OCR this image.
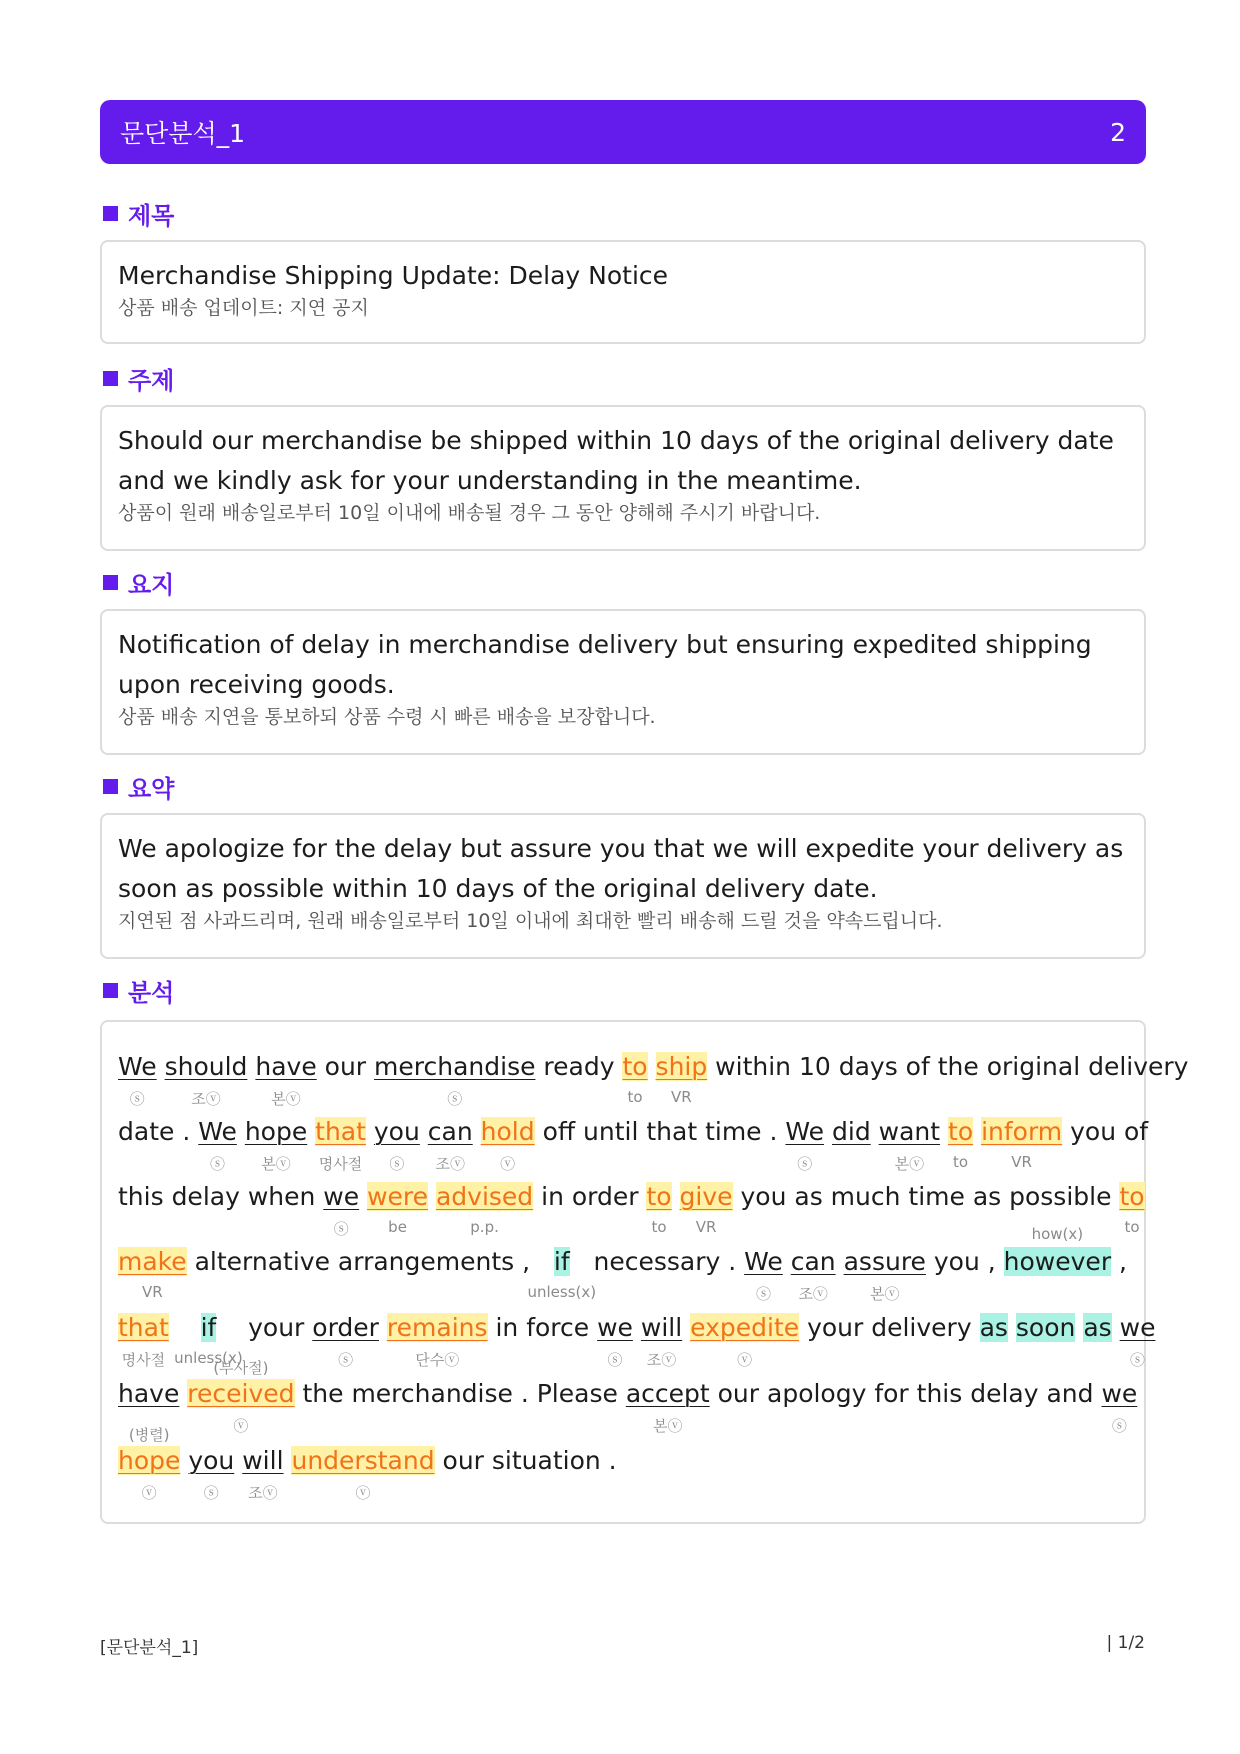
문단분석_1	2
제목
Merchandise Shipping Update: Delay Notice
상품 배송 업데이트: 지연 공지
주제
Should our merchandise be shipped within 10 days of the original delivery date and we kindly ask for your understanding in the meantime.
상품이 원래 배송일로부터 10일 이내에 배송될 경우 그 동안 양해해 주시기 바랍니다.
요지
Notification of delay in merchandise delivery but ensuring expedited shipping upon receiving goods.
상품 배송 지연을 통보하되 상품 수령 시 빠른 배송을 보장합니다.
요약
We apologize for the delay but assure you that we will expedite your delivery as soon as possible within 10 days of the original delivery date.
지연된 점 사과드리며, 원래 배송일로부터 10일 이내에 최대한 빨리 배송해 드릴 것을 약속드립니다.
분석
We
ⓢ
should
조ⓥ
have
본ⓥ
our merchandise
ⓢ
ready to
to
ship
VR
within 10 days of the original delivery
date . We
ⓢ
hope
본ⓥ
that
명사절
you
ⓢ
can
조ⓥ
hold
ⓥ
off until that time . We
ⓢ
did want
본ⓥ
to
to
inform
VR
you of
this delay when we
ⓢ
were
be
advised
p.p.
in order to
to
give
VR
you as much time as possible to
to
make
VR
alternative arrangements ,   if
unless(x)
necessary . We
ⓢ
can
조ⓥ
assure
본ⓥ
you , however
how(x)
,
that
명사절
if
unless(x)
your order
ⓢ
remains
단수ⓥ
in force we
ⓢ
will
조ⓥ
expedite
ⓥ
your delivery as soon as we
ⓢ
have received
ⓥ
(부사절)
the merchandise . Please accept
본ⓥ
our apology for this delay and we
ⓢ
hope
ⓥ
(병렬)
you
ⓢ
will
조ⓥ
understand
ⓥ
our situation .
[문단분석_1]	| 1/2
